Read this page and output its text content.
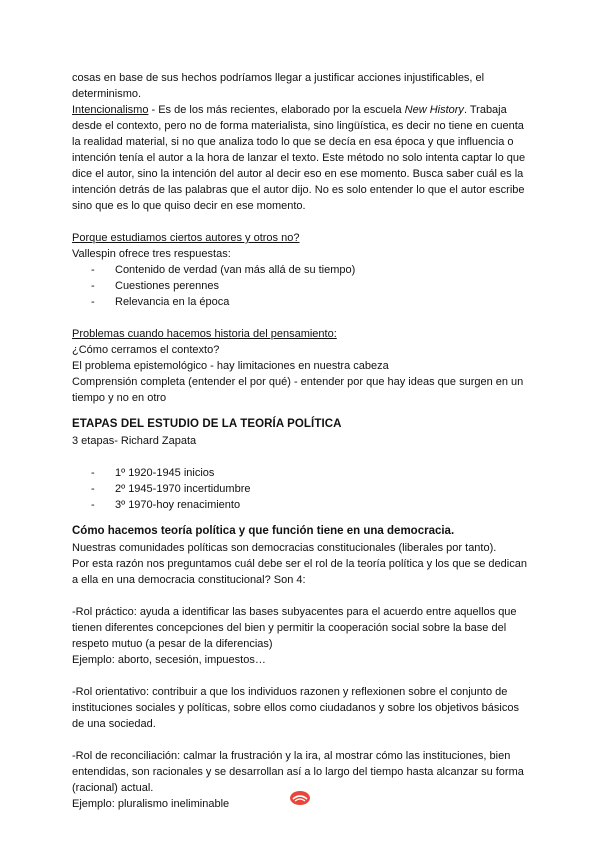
cosas en base de sus hechos podríamos llegar a justificar acciones injustificables, el determinismo.

Intencionalismo - Es de los más recientes, elaborado por la escuela New History. Trabaja desde el contexto, pero no de forma materialista, sino lingüística, es decir no tiene en cuenta la realidad material, si no que analiza todo lo que se decía en esa época y que influencia o intención tenía el autor a la hora de lanzar el texto. Este método no solo intenta captar lo que dice el autor, sino la intención del autor al decir eso en ese momento. Busca saber cuál es la intención detrás de las palabras que el autor dijo. No es solo entender lo que el autor escribe sino que es lo que quiso decir en ese momento.

Porque estudiamos ciertos autores y otros no?

Vallespin ofrece tres respuestas:

- Contenido de verdad (van más allá de su tiempo)
- Cuestiones perennes
- Relevancia en la época

Problemas cuando hacemos historia del pensamiento:

¿Cómo cerramos el contexto?

El problema epistemológico - hay limitaciones en nuestra cabeza

Comprensión completa (entender el por qué) - entender por que hay ideas que surgen en un tiempo y no en otro

ETAPAS DEL ESTUDIO DE LA TEORÍA POLÍTICA

3 etapas- Richard Zapata

- 1º 1920-1945 inicios
- 2º 1945-1970 incertidumbre
- 3º 1970-hoy renacimiento
Cómo hacemos teoría política y que función tiene en una democracia.

Nuestras comunidades políticas son democracias constitucionales (liberales por tanto).

Por esta razón nos preguntamos cuál debe ser el rol de la teoría política y los que se dedican a ella en una democracia constitucional? Son 4:

-Rol práctico: ayuda a identificar las bases subyacentes para el acuerdo entre aquellos que tienen diferentes concepciones del bien y permitir la cooperación social sobre la base del respeto mutuo (a pesar de la diferencias)

Ejemplo: aborto, secesión, impuestos…

-Rol orientativo: contribuir a que los individuos razonen y reflexionen sobre el conjunto de instituciones sociales y políticas, sobre ellos como ciudadanos y sobre los objetivos básicos de una sociedad.

-Rol de reconciliación: calmar la frustración y la ira, al mostrar cómo las instituciones, bien entendidas, son racionales y se desarrollan así a lo largo del tiempo hasta alcanzar su forma (racional) actual.

Ejemplo: pluralismo ineliminable
